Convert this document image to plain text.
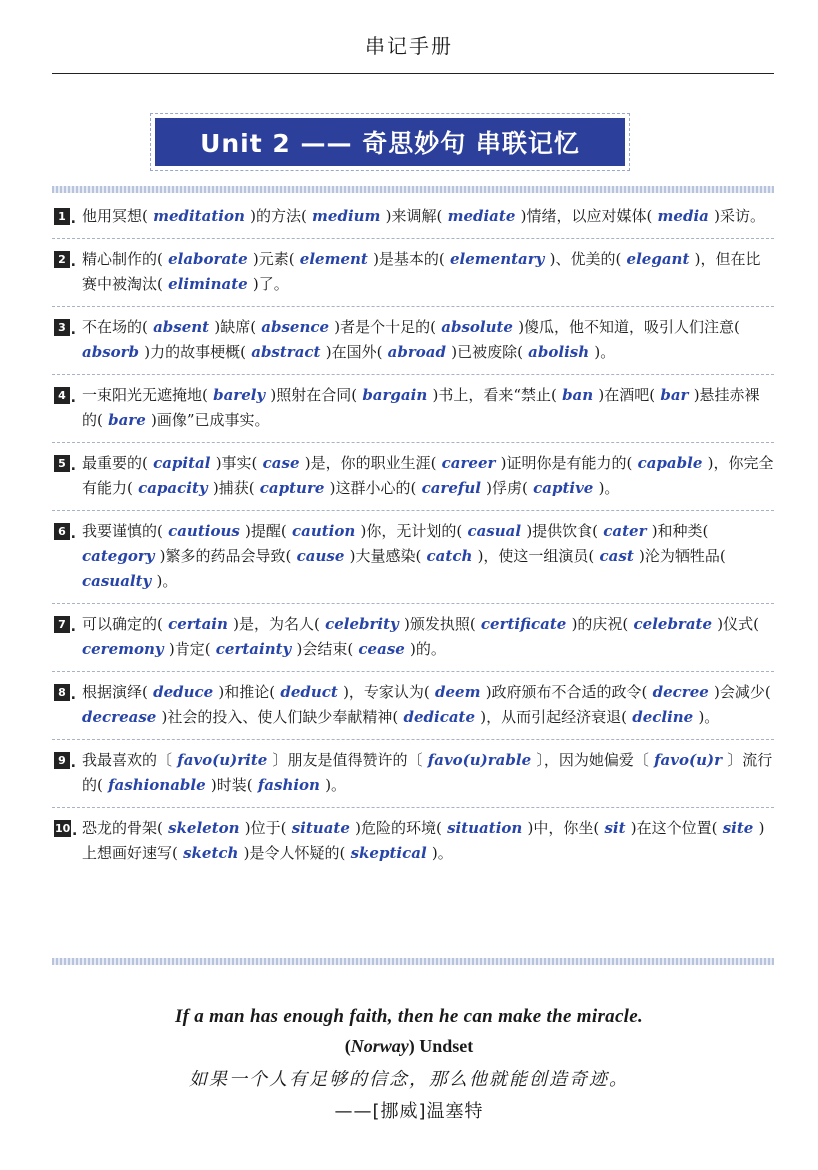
串记手册
Unit 2 —— 奇思妙句 串联记忆
1 . 他用冥想( meditation )的方法( medium )来调解( mediate )情绪，以应对媒体( media )采访。
2 . 精心制作的( elaborate )元素( element )是基本的( elementary )、优美的( elegant )，但在比赛中被淘汰( eliminate )了。
3 . 不在场的( absent )缺席( absence )者是个十足的( absolute )傻瓜，他不知道，吸引人们注意( absorb )力的故事梗概( abstract )在国外( abroad )已被废除( abolish )。
4 . 一束阳光无遮掩地( barely )照射在合同( bargain )书上，看来“禁止( ban )在酒吧( bar )悬挂赤裸的( bare )画像”已成事实。
5 . 最重要的( capital )事实( case )是，你的职业生涯( career )证明你是有能力的( capable )，你完全有能力( capacity )捕获( capture )这群小心的( careful )俘虏( captive )。
6 . 我要谨慎的( cautious )提醒( caution )你，无计划的( casual )提供饮食( cater )和种类( category )繁多的药品会导致( cause )大量感染( catch )，使这一组演员( cast )沦为牺牲品( casualty )。
7 . 可以确定的( certain )是，为名人( celebrity )颁发执照( certificate )的庆祝( celebrate )仪式( ceremony )肯定( certainty )会结束( cease )的。
8 . 根据演绎( deduce )和推论( deduct )，专家认为( deem )政府颁布不合适的政令( decree )会减少( decrease )社会的投入、使人们缺少奉献精神( dedicate )，从而引起经济衰退( decline )。
9 . 我最喜欢的〔 favo(u)rite 〕朋友是值得赞许的〔 favo(u)rable 〕，因为她偏爱〔 favo(u)r 〕流行的( fashionable )时装( fashion )。
10 . 恐龙的骨架( skeleton )位于( situate )危险的环境( situation )中，你坐( sit )在这个位置( site )上想画好速写( sketch )是令人怀疑的( skeptical )。
If a man has enough faith, then he can make the miracle.
(Norway) Undset
如果一个人有足够的信念，那么他就能创造奇迹。
——[挪威]温塞特
